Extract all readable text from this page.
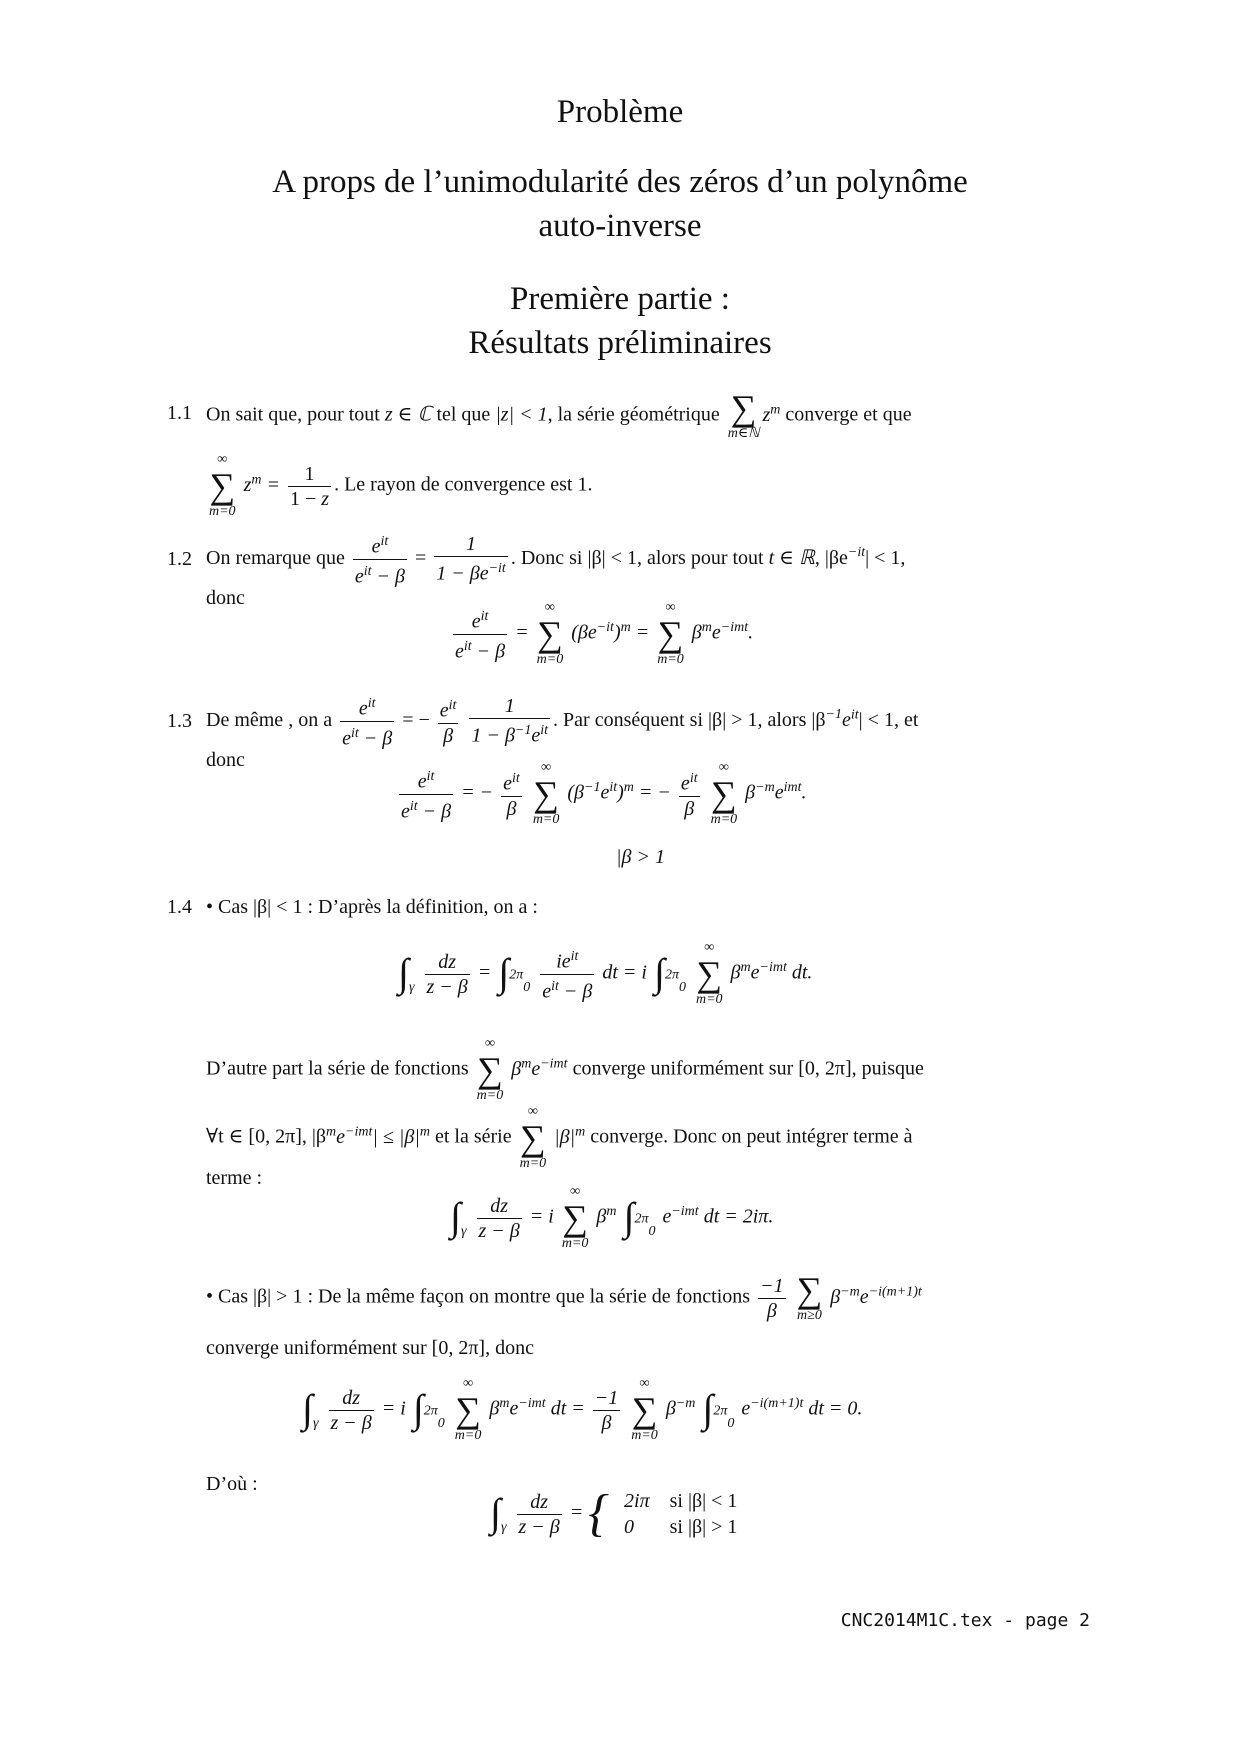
Problème
A props de l’unimodularité des zéros d’un polynôme
auto-inverse
Première partie :
Résultats préliminaires
1.1 On sait que, pour tout z ∈ ℂ tel que |z| < 1, la série géométrique ∑
m∈ℕ
$z^m$ converge et que
∞
∑
m=0
$z^m = \frac{1}{1 - z}$ . Le rayon de convergence est 1.
1.2 On remarque que $\frac{e^{it}}{e^{it} - \beta} = \frac{1}{1 - \beta e^{-it}}$ . Donc si |β| < 1, alors pour tout t ∈ ℝ, $|\beta e^{-it}| < 1$,
donc
$\frac{e^{it}}{e^{it} - \beta}$ =
∞
∑
m=0
$(\beta e^{-it})^m$ =
∞
∑
m=0
$\beta^me^{-imt}$.
1.3 De même , on a $\frac{e^{it}}{e^{it} - \beta}$ = − $\frac{e^{it}}{\beta}$
$\frac{1}{1 - \beta^{-1}e^{it}}$ . Par conséquent si |β| > 1, alors $|\beta^{-1}e^{it}| < 1$, et
donc
$\frac{e^{it}}{e^{it} - \beta}$ = − $\frac{e^{it}}{\beta}$
	∞
∑
m=0
$(\beta^{-1}e^{it})^m$ = − $\frac{e^{it}}{\beta}$
	∞
∑
m=0
$\beta^{-m}e^{imt}$.
|β > 1
1.4 • Cas |β| < 1 : D’après la définition, on a :
$\int_\gamma \frac{dz}{z - \beta} = \int^{2\pi}_0 \frac{ie^{it}}{e^{it} - \beta}$ dt = i ∫$^{2\pi}_0$
∞
∑
m=0
$\beta^me^{-imt}$ dt.
D’autre part la série de fonctions
∞
∑
m=0
$\beta^me^{-imt}$ converge uniformément sur [0, 2π], puisque
∀t ∈ [0, 2π], $|\beta^me^{-imt}| \le |\beta|^m$ et la série
∞
∑
m=0
$|\beta|^m$ converge. Donc on peut intégrer terme à
terme :
$\int_\gamma \frac{dz}{z - \beta} = i$
∞
∑
m=0
$\beta^m$ ∫$^{2\pi}_0$ $e^{-imt}$ dt = 2iπ.
• Cas |β| > 1 : De la même façon on montre que la série de fonctions $\frac{-1}{\beta}$
∑
m≥0
$\beta^{-m}e^{-i(m+1)t}$
converge uniformément sur [0, 2π], donc
$\int_\gamma \frac{dz}{z - \beta} = i$ ∫$^{2\pi}_0$
∞
∑
m=0
$\beta^me^{-imt}$ dt = $\frac{-1}{\beta}$

∞
∑
m=0
$\beta^{-m}$ ∫$^{2\pi}_0$ $e^{-i(m+1)t}$ dt = 0.
D’où :
$\int_\gamma \frac{dz}{z - \beta}$ = { 2iπ	si |β| < 1
0	si |β| > 1
CNC2014M1C.tex - page 2
